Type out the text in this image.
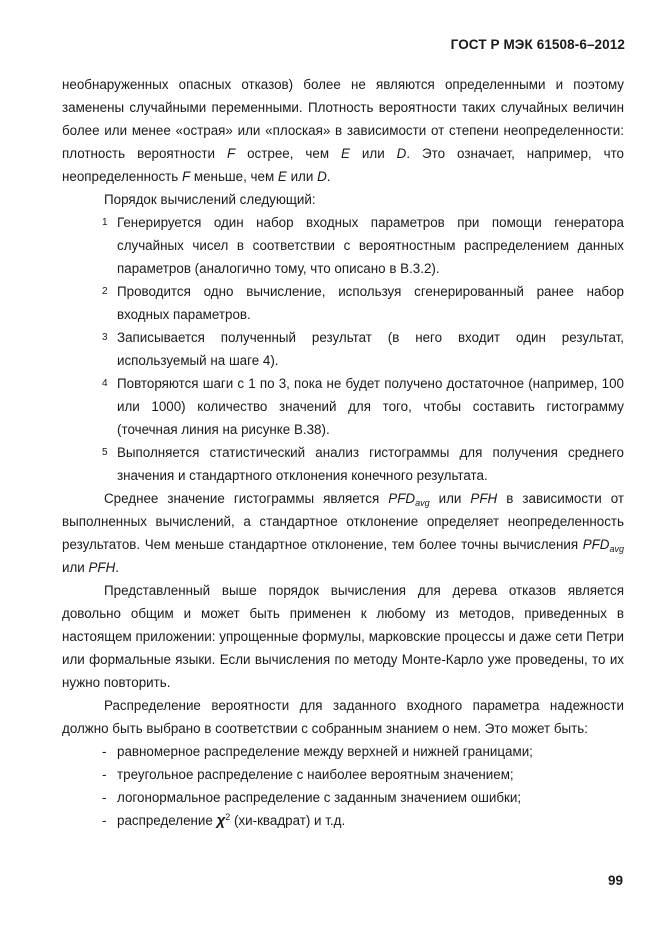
ГОСТ Р МЭК 61508-6–2012

необнаруженных опасных отказов) более не являются определенными и поэтому заменены случайными переменными. Плотность вероятности таких случайных величин более или менее «острая» или «плоская» в зависимости от степени неопределенности: плотность вероятности F острее, чем E или D. Это означает, например, что неопределенность F меньше, чем E или D.

Порядок вычислений следующий:

1 Генерируется один набор входных параметров при помощи генератора случайных чисел в соответствии с вероятностным распределением данных параметров (аналогично тому, что описано в В.3.2).
2 Проводится одно вычисление, используя сгенерированный ранее набор входных параметров.
3 Записывается полученный результат (в него входит один результат, используемый на шаге 4).
4 Повторяются шаги с 1 по 3, пока не будет получено достаточное (например, 100 или 1000) количество значений для того, чтобы составить гистограмму (точечная линия на рисунке В.38).
5 Выполняется статистический анализ гистограммы для получения среднего значения и стандартного отклонения конечного результата.

Среднее значение гистограммы является $PFD_{avg}$ или PFH в зависимости от выполненных вычислений, а стандартное отклонение определяет неопределенность результатов. Чем меньше стандартное отклонение, тем более точны вычисления $PFD_{avg}$ или PFH.

Представленный выше порядок вычисления для дерева отказов является довольно общим и может быть применен к любому из методов, приведенных в настоящем приложении: упрощенные формулы, марковские процессы и даже сети Петри или формальные языки. Если вычисления по методу Монте-Карло уже проведены, то их нужно повторить.

Распределение вероятности для заданного входного параметра надежности должно быть выбрано в соответствии с собранным знанием о нем. Это может быть:

- равномерное распределение между верхней и нижней границами;
- треугольное распределение с наиболее вероятным значением;
- логонормальное распределение с заданным значением ошибки;
- распределение $\chi^2$ (хи-квадрат) и т.д.
99
